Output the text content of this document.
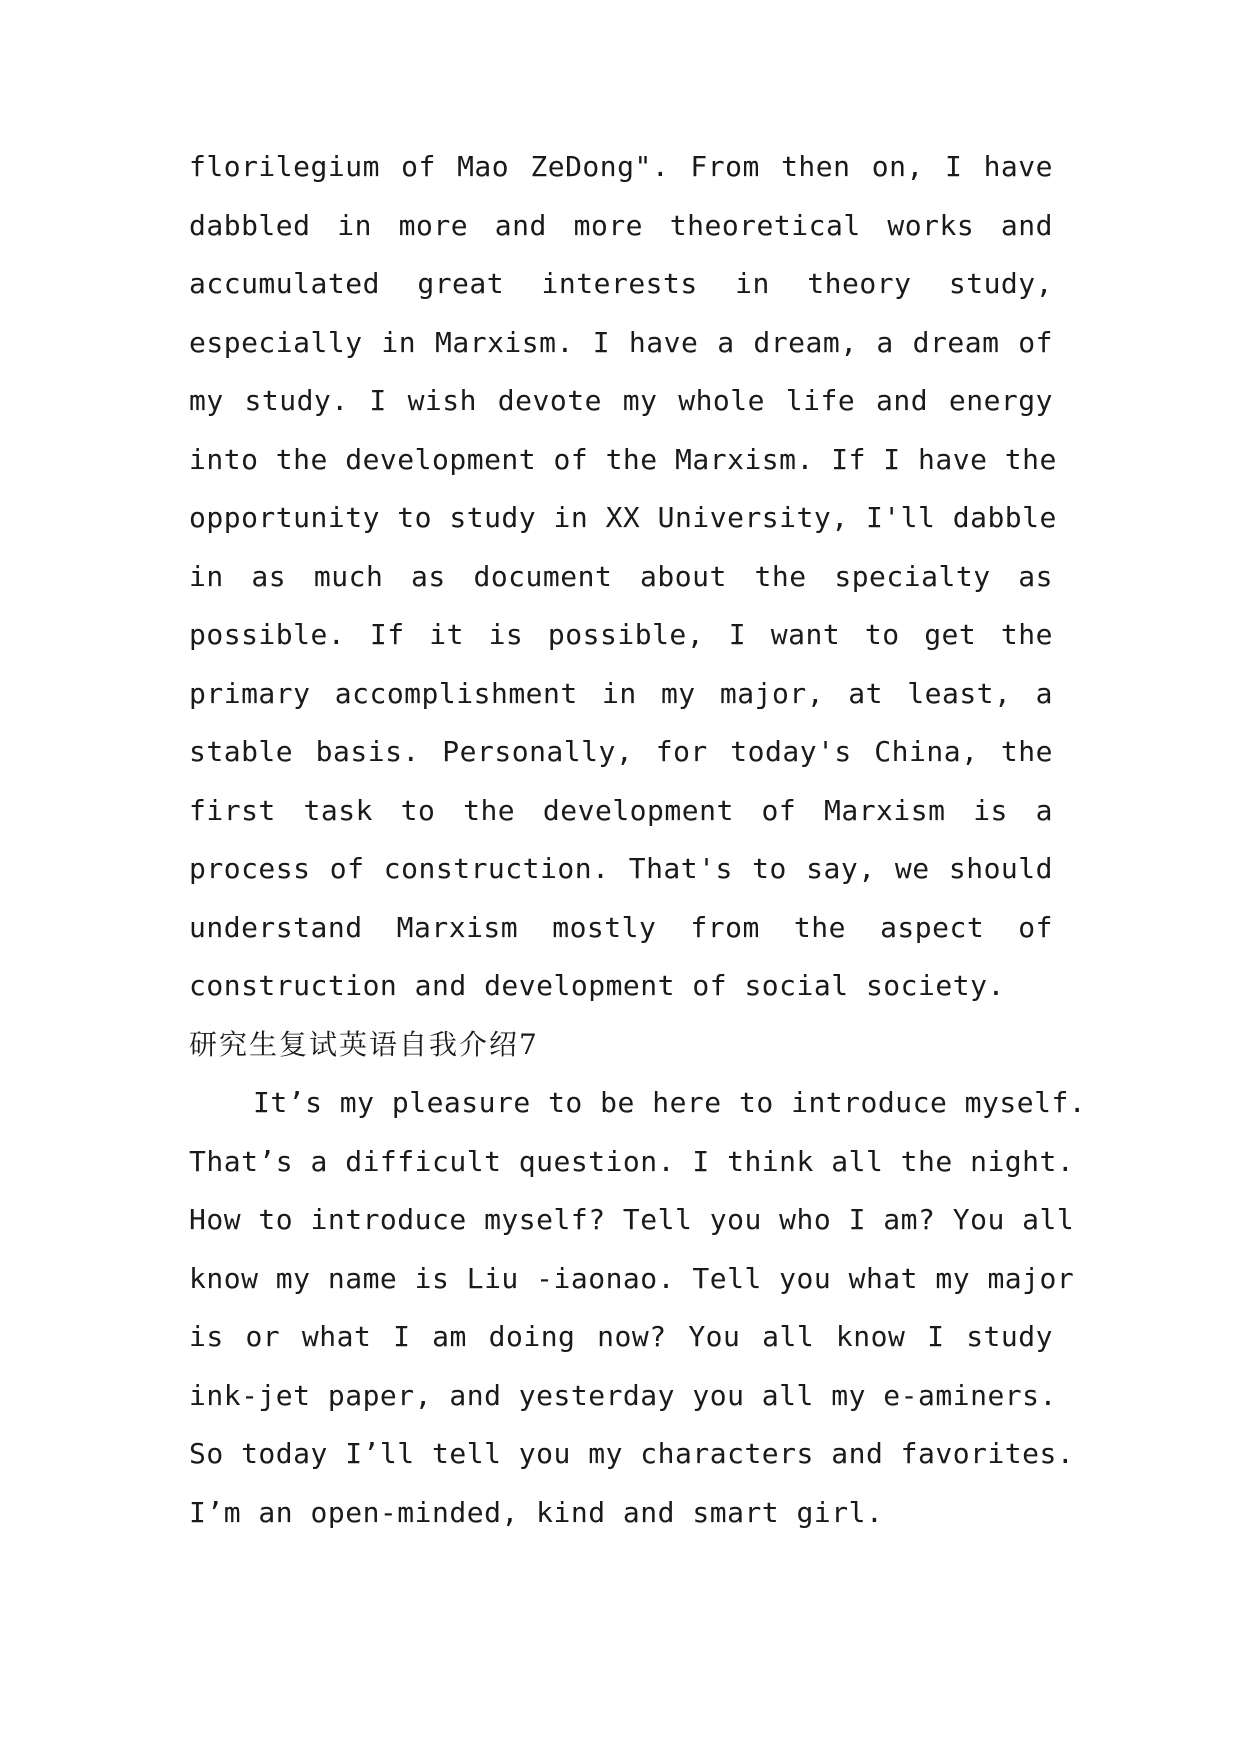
florilegium of Mao ZeDong". From then on, I have
dabbled in more and more theoretical works and
accumulated great interests in theory study,
especially in Marxism. I have a dream, a dream of
my study. I wish devote my whole life and energy
into the development of the Marxism. If I have the
opportunity to study in XX University, I'll dabble
in as much as document about the specialty as
possible. If it is possible, I want to get the
primary accomplishment in my major, at least, a
stable basis. Personally, for today's China, the
first task to the development of Marxism is a
process of construction. That's to say, we should
understand Marxism mostly from the aspect of
construction and development of social society.
研究生复试英语自我介绍7
It’s my pleasure to be here to introduce myself.
That’s a difficult question. I think all the night.
How to introduce myself? Tell you who I am? You all
know my name is Liu -iaonao. Tell you what my major
is or what I am doing now? You all know I study
ink-jet paper, and yesterday you all my e-aminers.
So today I’ll tell you my characters and favorites.
I’m an open-minded, kind and smart girl.
